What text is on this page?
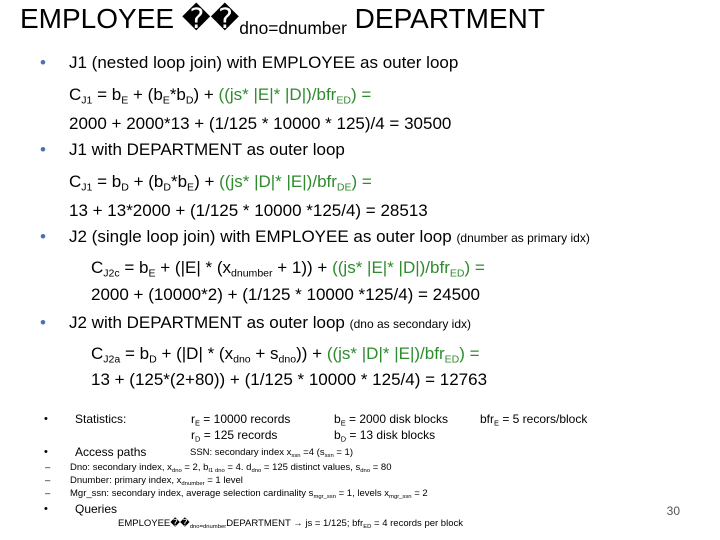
EMPLOYEE $��_{dno=dnumber}$ DEPARTMENT
• J1 (nested loop join) with EMPLOYEE as outer loop
$C_{J1} = b_E + (b_E*b_D) + ((js*$ |E|* |D|)/bfr$_{ED}$) =
2000 + 2000*13 + (1/125 * 10000 * 125)/4 = 30500
• J1 with DEPARTMENT as outer loop
$C_{J1} = b_D + (b_D*b_E) + ((js*$ |D|* |E|)/bfr$_{DE}$) =
13 + 13*2000 + (1/125 * 10000 *125/4) = 28513
• J2 (single loop join) with EMPLOYEE as outer loop (dnumber as primary idx)
$C_{J2c} = b_E + (|E| * (x_{dnumber} + 1)) + ((js*$ |E|* |D|)/bfr$_{ED}$) =
2000 + (10000*2) + (1/125 * 10000 *125/4) = 24500
• J2 with DEPARTMENT as outer loop (dno as secondary idx)
$C_{J2a} = b_D + (|D| * (x_{dno} + s_{dno})) + ((js*$ |D|* |E|)/bfr$_{ED}$) =
13 + (125*(2+80)) + (1/125 * 10000 * 125/4) = 12763
• Statistics:	$r_E = 10000$ records
$r_D = 125$ records
$b_E = 2000$ disk blocks
$b_D = 13$ disk blocks
bfr$_E$ = 5 recors/block
• Access paths	SSN: secondary index $x_{ssn} =4$ $(s_{ssn} = 1)$
– Dno: secondary index, $x_{dno} = 2$, $b_{I1 dno} = 4$. $d_{dno} = 125$ distinct values, $s_{dno} = 80$
– Dnumber: primary index, $x_{dnumber} = 1$ level
– Mgr_ssn: secondary index, average selection cardinality $s_{mgr\_ssn} = 1$, levels $x_{mgr\_ssn} = 2$
• Queries
$EMPLOYEE��_{dno=dnumber}DEPARTMENT$ → js = 1/125; bfr$_{ED}$ = 4 records per block
30
